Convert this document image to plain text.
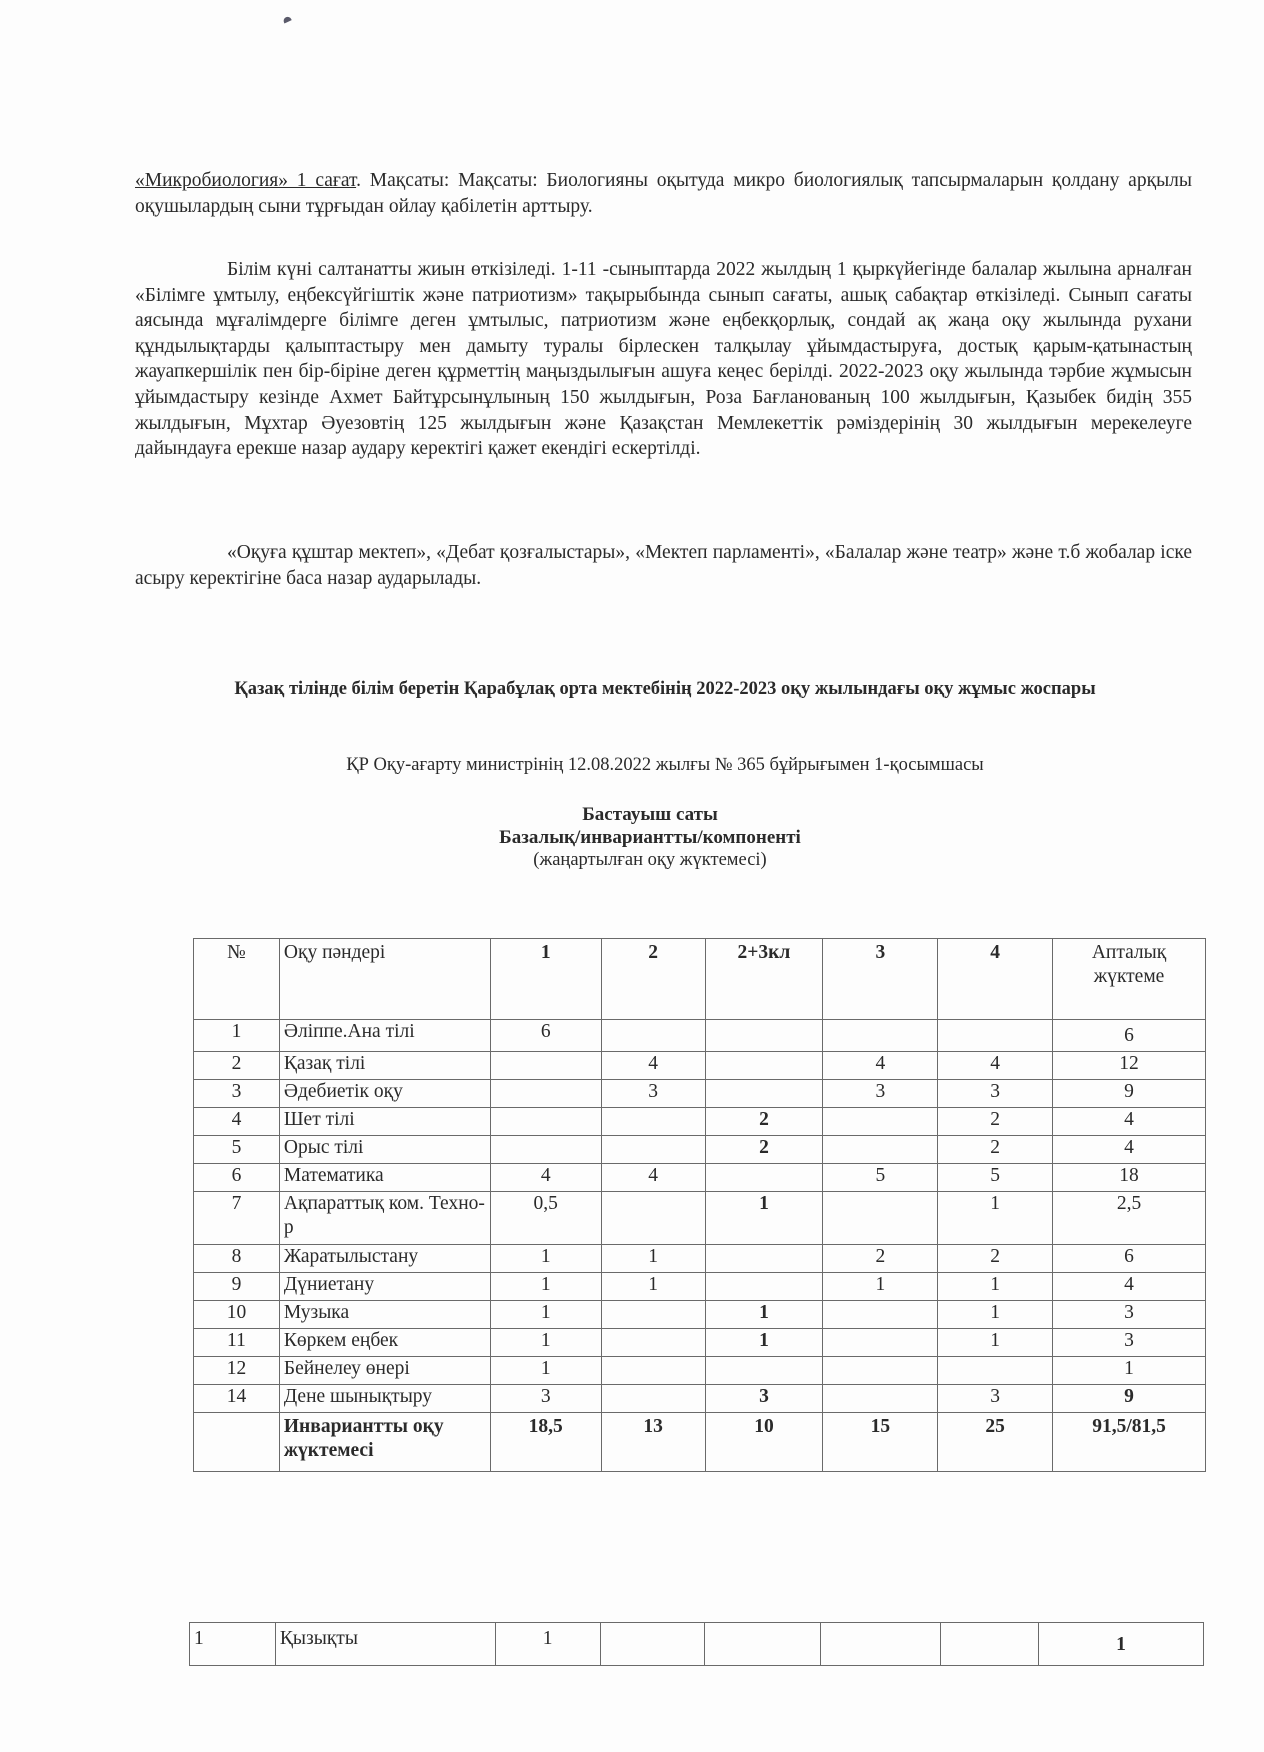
«Микробиология» 1 сағат. Мақсаты: Мақсаты: Биологияны оқытуда микро биологиялық тапсырмаларын қолдану арқылы оқушылардың сыни тұрғыдан ойлау қабілетін арттыру.
Білім күні салтанатты жиын өткізіледі. 1-11 -сыныптарда 2022 жылдың 1 қыркүйегінде балалар жылына арналған «Білімге ұмтылу, еңбексүйгіштік және патриотизм» тақырыбында сынып сағаты, ашық сабақтар өткізіледі. Сынып сағаты аясында мұғалімдерге білімге деген ұмтылыс, патриотизм және еңбекқорлық, сондай ақ жаңа оқу жылында рухани құндылықтарды қалыптастыру мен дамыту туралы бірлескен талқылау ұйымдастыруға, достық қарым-қатынастың жауапкершілік пен бір-біріне деген құрметтің маңыздылығын ашуға кеңес берілді. 2022-2023 оқу жылында тәрбие жұмысын ұйымдастыру кезінде Ахмет Байтұрсынұлының 150 жылдығын, Роза Бағланованың 100 жылдығын, Қазыбек бидің 355 жылдығын, Мұхтар Әуезовтің 125 жылдығын және Қазақстан Мемлекеттік рәміздерінің 30 жылдығын мерекелеуге дайындауға ерекше назар аудару керектігі қажет екендігі ескертілді.
«Оқуға құштар мектеп», «Дебат қозғалыстары», «Мектеп парламенті», «Балалар және театр» және т.б жобалар іске асыру керектігіне баса назар аударылады.
Қазақ тілінде білім беретін Қарабұлақ орта мектебінің 2022-2023 оқу жылындағы оқу жұмыс жоспары
ҚР Оқу-ағарту министрінің 12.08.2022 жылғы № 365 бұйрығымен 1-қосымшасы
Бастауыш саты
Базалық/инвариантты/компоненті
(жаңартылған оқу жүктемесі)
№	Оқу пәндері	1	2	2+3кл	3	4	Апталық жүктеме
1	Әліппе.Ана тілі	6					6
2	Қазақ тілі		4		4	4	12
3	Әдебиетік оқу		3		3	3	9
4	Шет тілі			2		2	4
5	Орыс тілі			2		2	4
6	Математика	4	4		5	5	18
7	Ақпараттық ком. Техно-р	0,5		1		1	2,5
8	Жаратылыстану	1	1		2	2	6
9	Дүниетану	1	1		1	1	4
10	Музыка	1		1		1	3
11	Көркем еңбек	1		1		1	3
12	Бейнелеу өнері	1					1
14	Дене шынықтыру	3		3		3	9
	Инвариантты оқу жүктемесі	18,5	13	10	15	25	91,5/81,5
1	Қызықты	1					1
